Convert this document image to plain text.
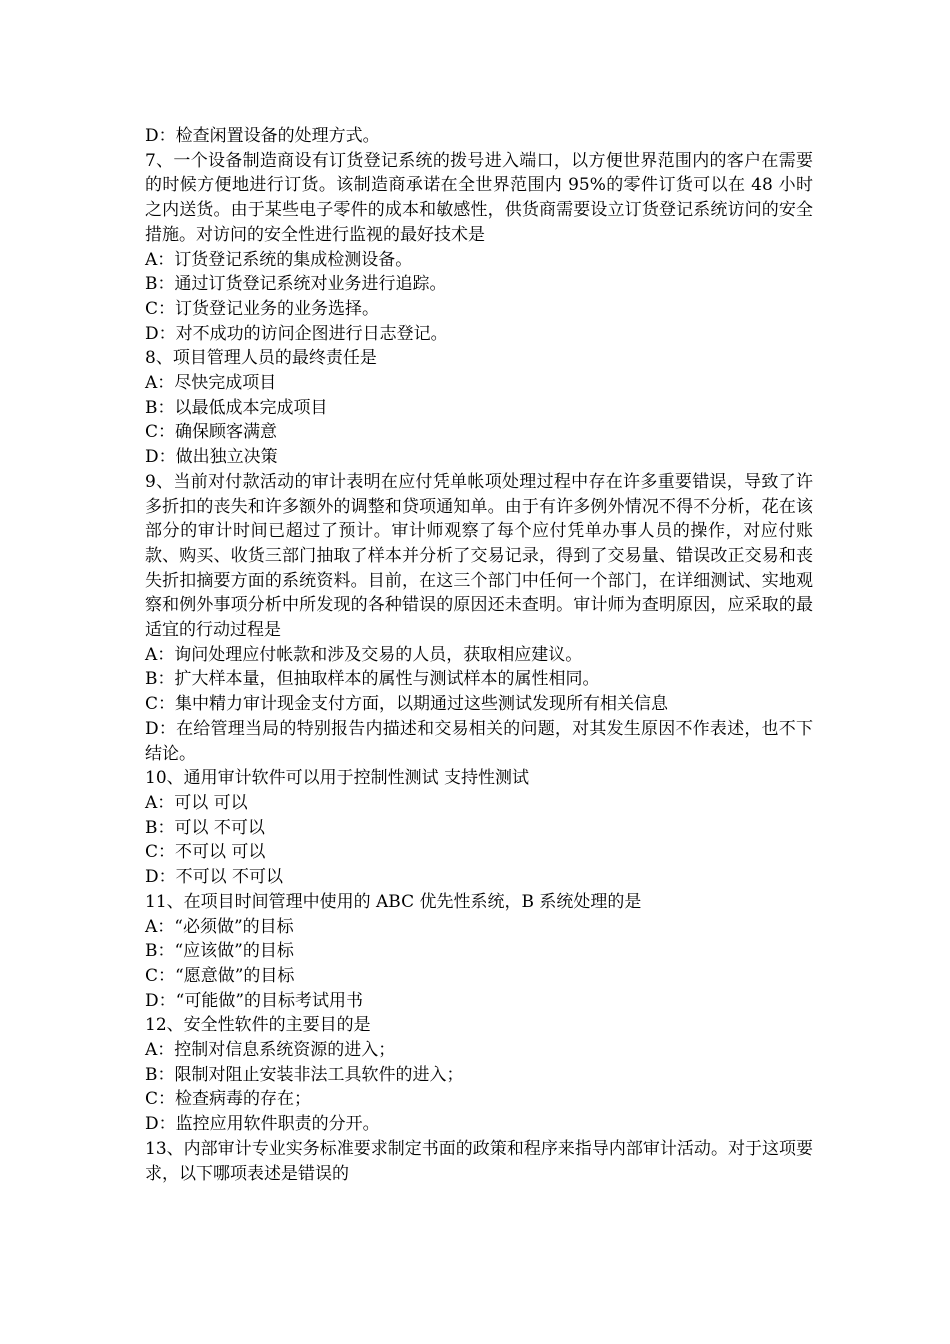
D：检查闲置设备的处理方式。

7、一个设备制造商设有订货登记系统的拨号进入端口，以方便世界范围内的客户在需要的时候方便地进行订货。该制造商承诺在全世界范围内 95%的零件订货可以在 48 小时之内送货。由于某些电子零件的成本和敏感性，供货商需要设立订货登记系统访问的安全措施。对访问的安全性进行监视的最好技术是

A：订货登记系统的集成检测设备。

B：通过订货登记系统对业务进行追踪。

C：订货登记业务的业务选择。

D：对不成功的访问企图进行日志登记。

8、项目管理人员的最终责任是

A：尽快完成项目

B：以最低成本完成项目

C：确保顾客满意

D：做出独立决策

9、当前对付款活动的审计表明在应付凭单帐项处理过程中存在许多重要错误，导致了许多折扣的丧失和许多额外的调整和贷项通知单。由于有许多例外情况不得不分析，花在该部分的审计时间已超过了预计。审计师观察了每个应付凭单办事人员的操作，对应付账款、购买、收货三部门抽取了样本并分析了交易记录，得到了交易量、错误改正交易和丧失折扣摘要方面的系统资料。目前，在这三个部门中任何一个部门，在详细测试、实地观察和例外事项分析中所发现的各种错误的原因还未查明。审计师为查明原因，应采取的最适宜的行动过程是

A：询问处理应付帐款和涉及交易的人员，获取相应建议。

B：扩大样本量，但抽取样本的属性与测试样本的属性相同。

C：集中精力审计现金支付方面，以期通过这些测试发现所有相关信息

D：在给管理当局的特别报告内描述和交易相关的问题，对其发生原因不作表述，也不下结论。

10、通用审计软件可以用于控制性测试 支持性测试

A：可以 可以

B：可以 不可以

C：不可以 可以

D：不可以 不可以

11、在项目时间管理中使用的 ABC 优先性系统，B 系统处理的是

A：“必须做”的目标

B：“应该做”的目标

C：“愿意做”的目标

D：“可能做”的目标考试用书

12、安全性软件的主要目的是

A：控制对信息系统资源的进入；

B：限制对阻止安装非法工具软件的进入；

C：检查病毒的存在；

D：监控应用软件职责的分开。

13、内部审计专业实务标准要求制定书面的政策和程序来指导内部审计活动。对于这项要求，以下哪项表述是错误的
